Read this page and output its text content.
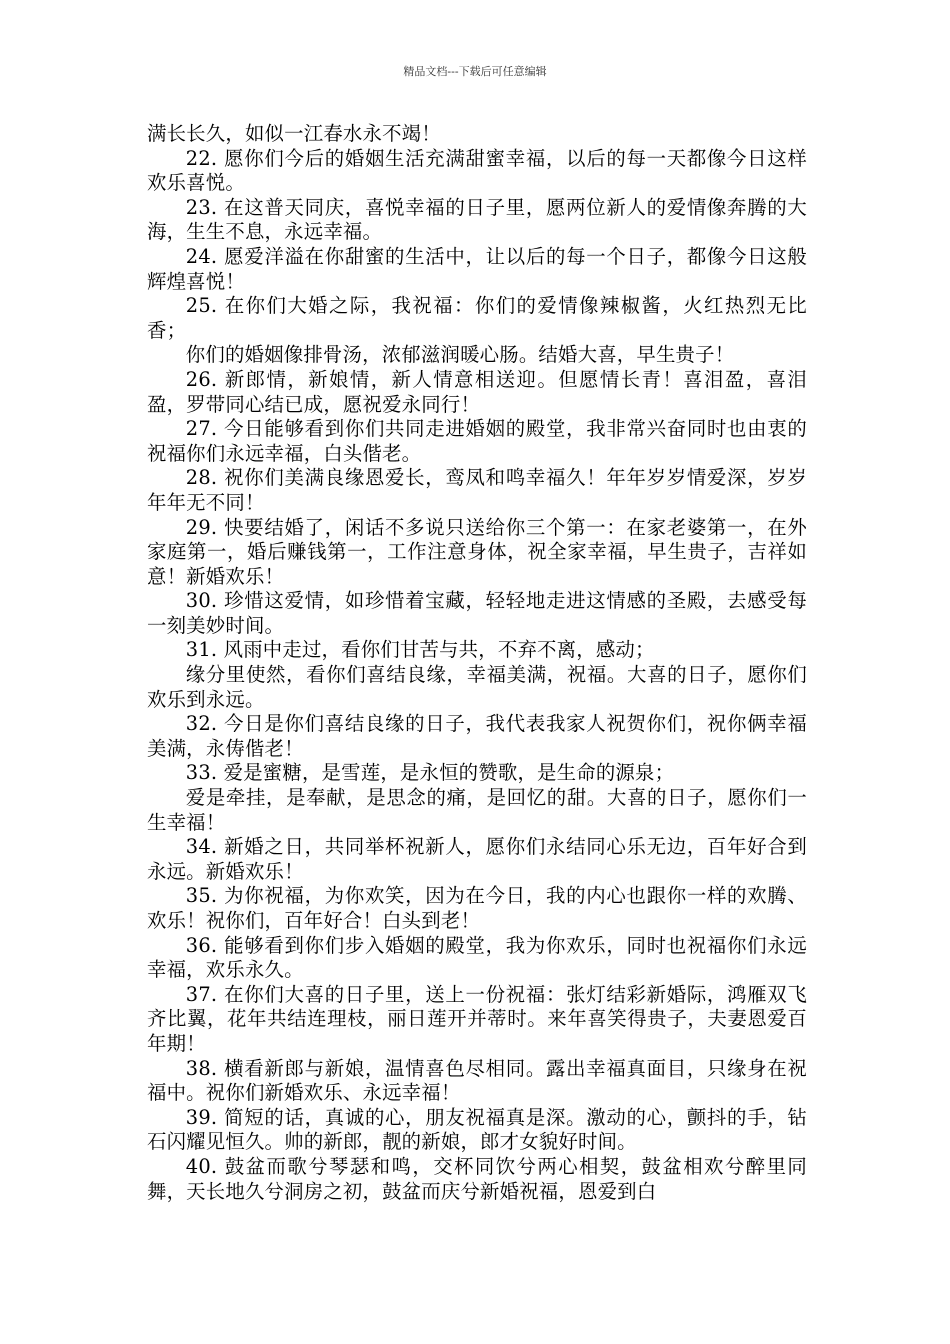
精品文档---下载后可任意编辑

满长长久，如似一江春水永不竭！

22. 愿你们今后的婚姻生活充满甜蜜幸福，以后的每一天都像今日这样欢乐喜悦。

23. 在这普天同庆，喜悦幸福的日子里，愿两位新人的爱情像奔腾的大海，生生不息，永远幸福。

24. 愿爱洋溢在你甜蜜的生活中，让以后的每一个日子，都像今日这般辉煌喜悦！

25. 在你们大婚之际，我祝福：你们的爱情像辣椒酱，火红热烈无比香；

你们的婚姻像排骨汤，浓郁滋润暖心肠。结婚大喜，早生贵子！

26. 新郎情，新娘情，新人情意相送迎。但愿情长青！喜泪盈，喜泪盈，罗带同心结已成，愿祝爱永同行！

27. 今日能够看到你们共同走进婚姻的殿堂，我非常兴奋同时也由衷的祝福你们永远幸福，白头偕老。

28. 祝你们美满良缘恩爱长，鸾凤和鸣幸福久！年年岁岁情爱深，岁岁年年无不同！

29. 快要结婚了，闲话不多说只送给你三个第一：在家老婆第一，在外家庭第一，婚后赚钱第一，工作注意身体，祝全家幸福，早生贵子，吉祥如意！新婚欢乐！

30. 珍惜这爱情，如珍惜着宝藏，轻轻地走进这情感的圣殿，去感受每一刻美妙时间。

31. 风雨中走过，看你们甘苦与共，不弃不离，感动；

缘分里使然，看你们喜结良缘，幸福美满，祝福。大喜的日子，愿你们欢乐到永远。

32. 今日是你们喜结良缘的日子，我代表我家人祝贺你们，祝你俩幸福美满，永俦偕老！

33. 爱是蜜糖，是雪莲，是永恒的赞歌，是生命的源泉；

爱是牵挂，是奉献，是思念的痛，是回忆的甜。大喜的日子，愿你们一生幸福！

34. 新婚之日，共同举杯祝新人，愿你们永结同心乐无边，百年好合到永远。新婚欢乐！

35. 为你祝福，为你欢笑，因为在今日，我的内心也跟你一样的欢腾、欢乐！祝你们，百年好合！白头到老！

36. 能够看到你们步入婚姻的殿堂，我为你欢乐，同时也祝福你们永远幸福，欢乐永久。

37. 在你们大喜的日子里，送上一份祝福：张灯结彩新婚际，鸿雁双飞齐比翼，花年共结连理枝，丽日莲开并蒂时。来年喜笑得贵子，夫妻恩爱百年期！

38. 横看新郎与新娘，温情喜色尽相同。露出幸福真面目，只缘身在祝福中。祝你们新婚欢乐、永远幸福！

39. 简短的话，真诚的心，朋友祝福真是深。激动的心，颤抖的手，钻石闪耀见恒久。帅的新郎，靓的新娘，郎才女貌好时间。

40. 鼓盆而歌兮琴瑟和鸣，交杯同饮兮两心相契，鼓盆相欢兮醉里同舞，天长地久兮洞房之初，鼓盆而庆兮新婚祝福，恩爱到白
